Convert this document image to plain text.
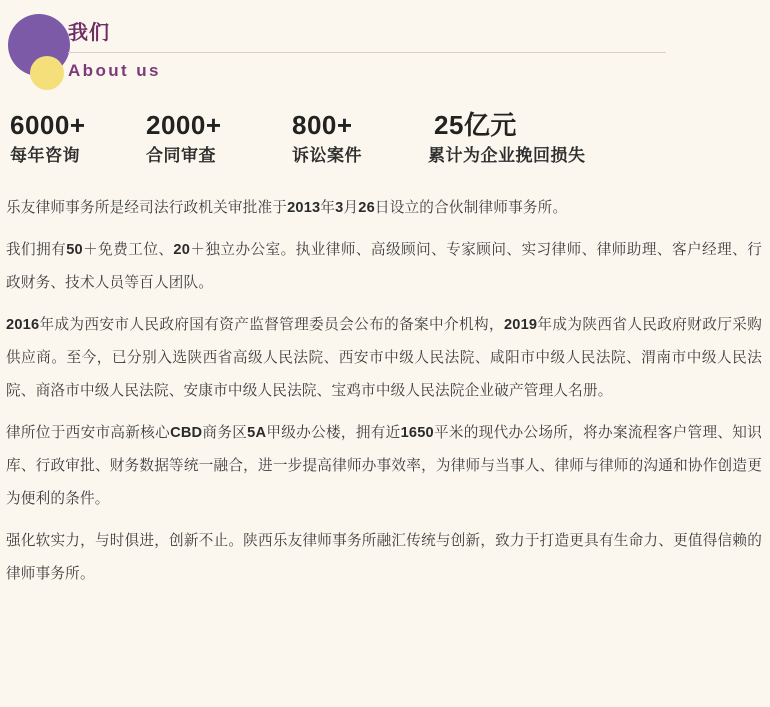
我们
About us
6000+
每年咨询
2000+
合同审查
800+
诉讼案件
25亿元
累计为企业挽回损失

乐友律师事务所是经司法行政机关审批准于2013年3月26日设立的合伙制律师事务所。

我们拥有50＋免费工位、20＋独立办公室。执业律师、高级顾问、专家顾问、实习律师、律师助理、客户经理、行政财务、技术人员等百人团队。

2016年成为西安市人民政府国有资产监督管理委员会公布的备案中介机构，2019年成为陕西省人民政府财政厅采购供应商。至今，已分别入选陕西省高级人民法院、西安市中级人民法院、咸阳市中级人民法院、渭南市中级人民法院、商洛市中级人民法院、安康市中级人民法院、宝鸡市中级人民法院企业破产管理人名册。

律所位于西安市高新核心CBD商务区5A甲级办公楼，拥有近1650平米的现代办公场所，将办案流程客户管理、知识库、行政审批、财务数据等统一融合，进一步提高律师办事效率，为律师与当事人、律师与律师的沟通和协作创造更为便利的条件。

强化软实力，与时俱进，创新不止。陕西乐友律师事务所融汇传统与创新，致力于打造更具有生命力、更值得信赖的律师事务所。
